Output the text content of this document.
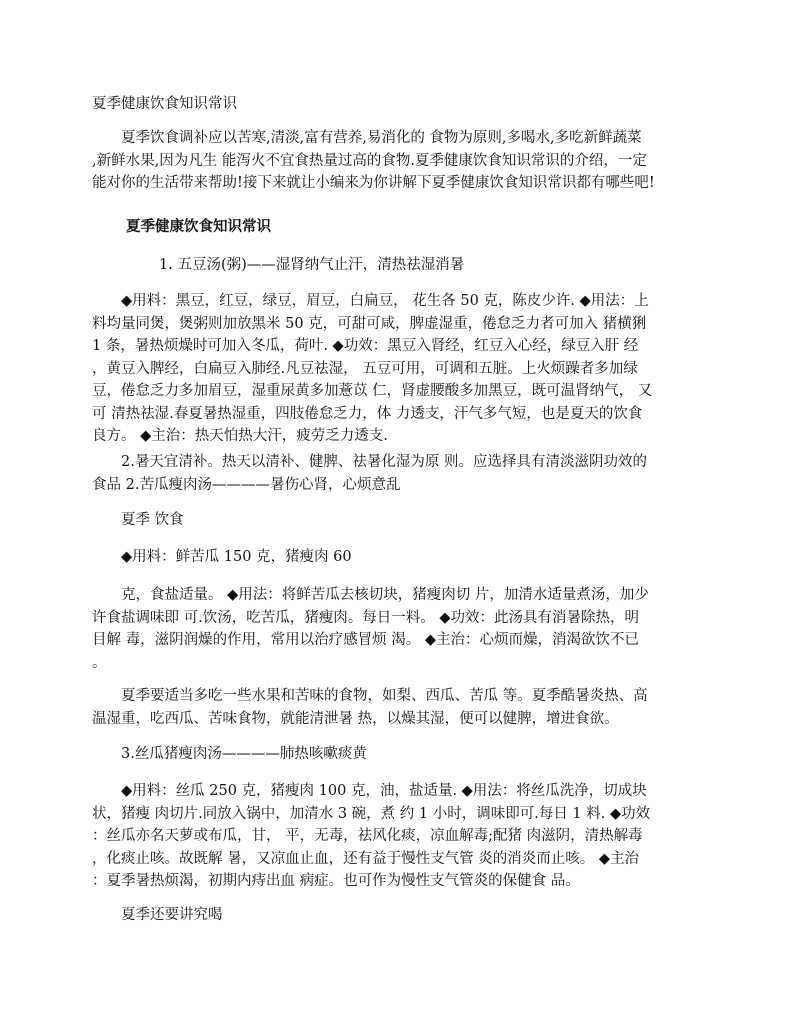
夏季健康饮食知识常识

　　夏季饮食调补应以苦寒,清淡,富有营养,易消化的 食物为原则,多喝水,多吃新鲜蔬菜
,新鲜水果,因为凡生 能泻火不宜食热量过高的食物.夏季健康饮食知识常识的介绍，一定
能对你的生活带来帮助!接下来就让小编来为你讲解下夏季健康饮食知识常识都有哪些吧!

夏季健康饮食知识常识

1. 五豆汤(粥)——湿肾纳气止汗，清热祛湿消暑

　　◆用料：黑豆，红豆，绿豆，眉豆，白扁豆， 花生各 50 克，陈皮少许. ◆用法：上
料均量同煲，煲粥则加放黑米 50 克，可甜可咸，脾虚湿重，倦怠乏力者可加入 猪横猁
1 条，暑热烦燥时可加入冬瓜，荷叶. ◆功效：黑豆入肾经，红豆入心经，绿豆入肝 经
，黄豆入脾经，白扁豆入肺经.凡豆祛湿， 五豆可用，可调和五脏。上火烦躁者多加绿
豆，倦怠乏力多加眉豆，湿重尿黄多加薏苡 仁，肾虚腰酸多加黑豆，既可温肾纳气， 又
可 清热祛湿.春夏暑热湿重，四肢倦怠乏力，体 力透支，汗气多气短，也是夏天的饮食
良方。 ◆主治：热天怕热大汗，疲劳乏力透支.

　　2.暑天宜清补。热天以清补、健脾、祛暑化湿为原 则。应选择具有清淡滋阴功效的
食品 2.苦瓜瘦肉汤————暑伤心肾，心烦意乱

　　夏季 饮食

　　◆用料：鲜苦瓜 150 克，猪瘦肉 60

　　克，食盐适量。 ◆用法：将鲜苦瓜去核切块，猪瘦肉切 片，加清水适量煮汤，加少
许食盐调味即 可.饮汤，吃苦瓜，猪瘦肉。每日一料。 ◆功效：此汤具有消暑除热，明
目解 毒，滋阴润燥的作用，常用以治疗感冒烦 渴。 ◆主治：心烦而燥，消渴欲饮不已
。

　　夏季要适当多吃一些水果和苦味的食物，如梨、西瓜、苦瓜 等。夏季酷暑炎热、高
温湿重，吃西瓜、苦味食物，就能清泄暑 热，以燥其湿，便可以健脾，增进食欲。

　　3.丝瓜猪瘦肉汤————肺热咳嗽痰黄

　　◆用料：丝瓜 250 克，猪瘦肉 100 克，油，盐适量. ◆用法：将丝瓜洗净，切成块
状，猪瘦 肉切片.同放入锅中，加清水 3 碗，煮 约 1 小时，调味即可.每日 1 料. ◆功效
：丝瓜亦名天萝或布瓜，甘， 平，无毒，祛风化痰，凉血解毒;配猪 肉滋阴，清热解毒
，化痰止咳。故既解 暑，又凉血止血，还有益于慢性支气管 炎的消炎而止咳。 ◆主治
：夏季暑热烦渴，初期内痔出血 病症。也可作为慢性支气管炎的保健食 品。

　　夏季还要讲究喝
